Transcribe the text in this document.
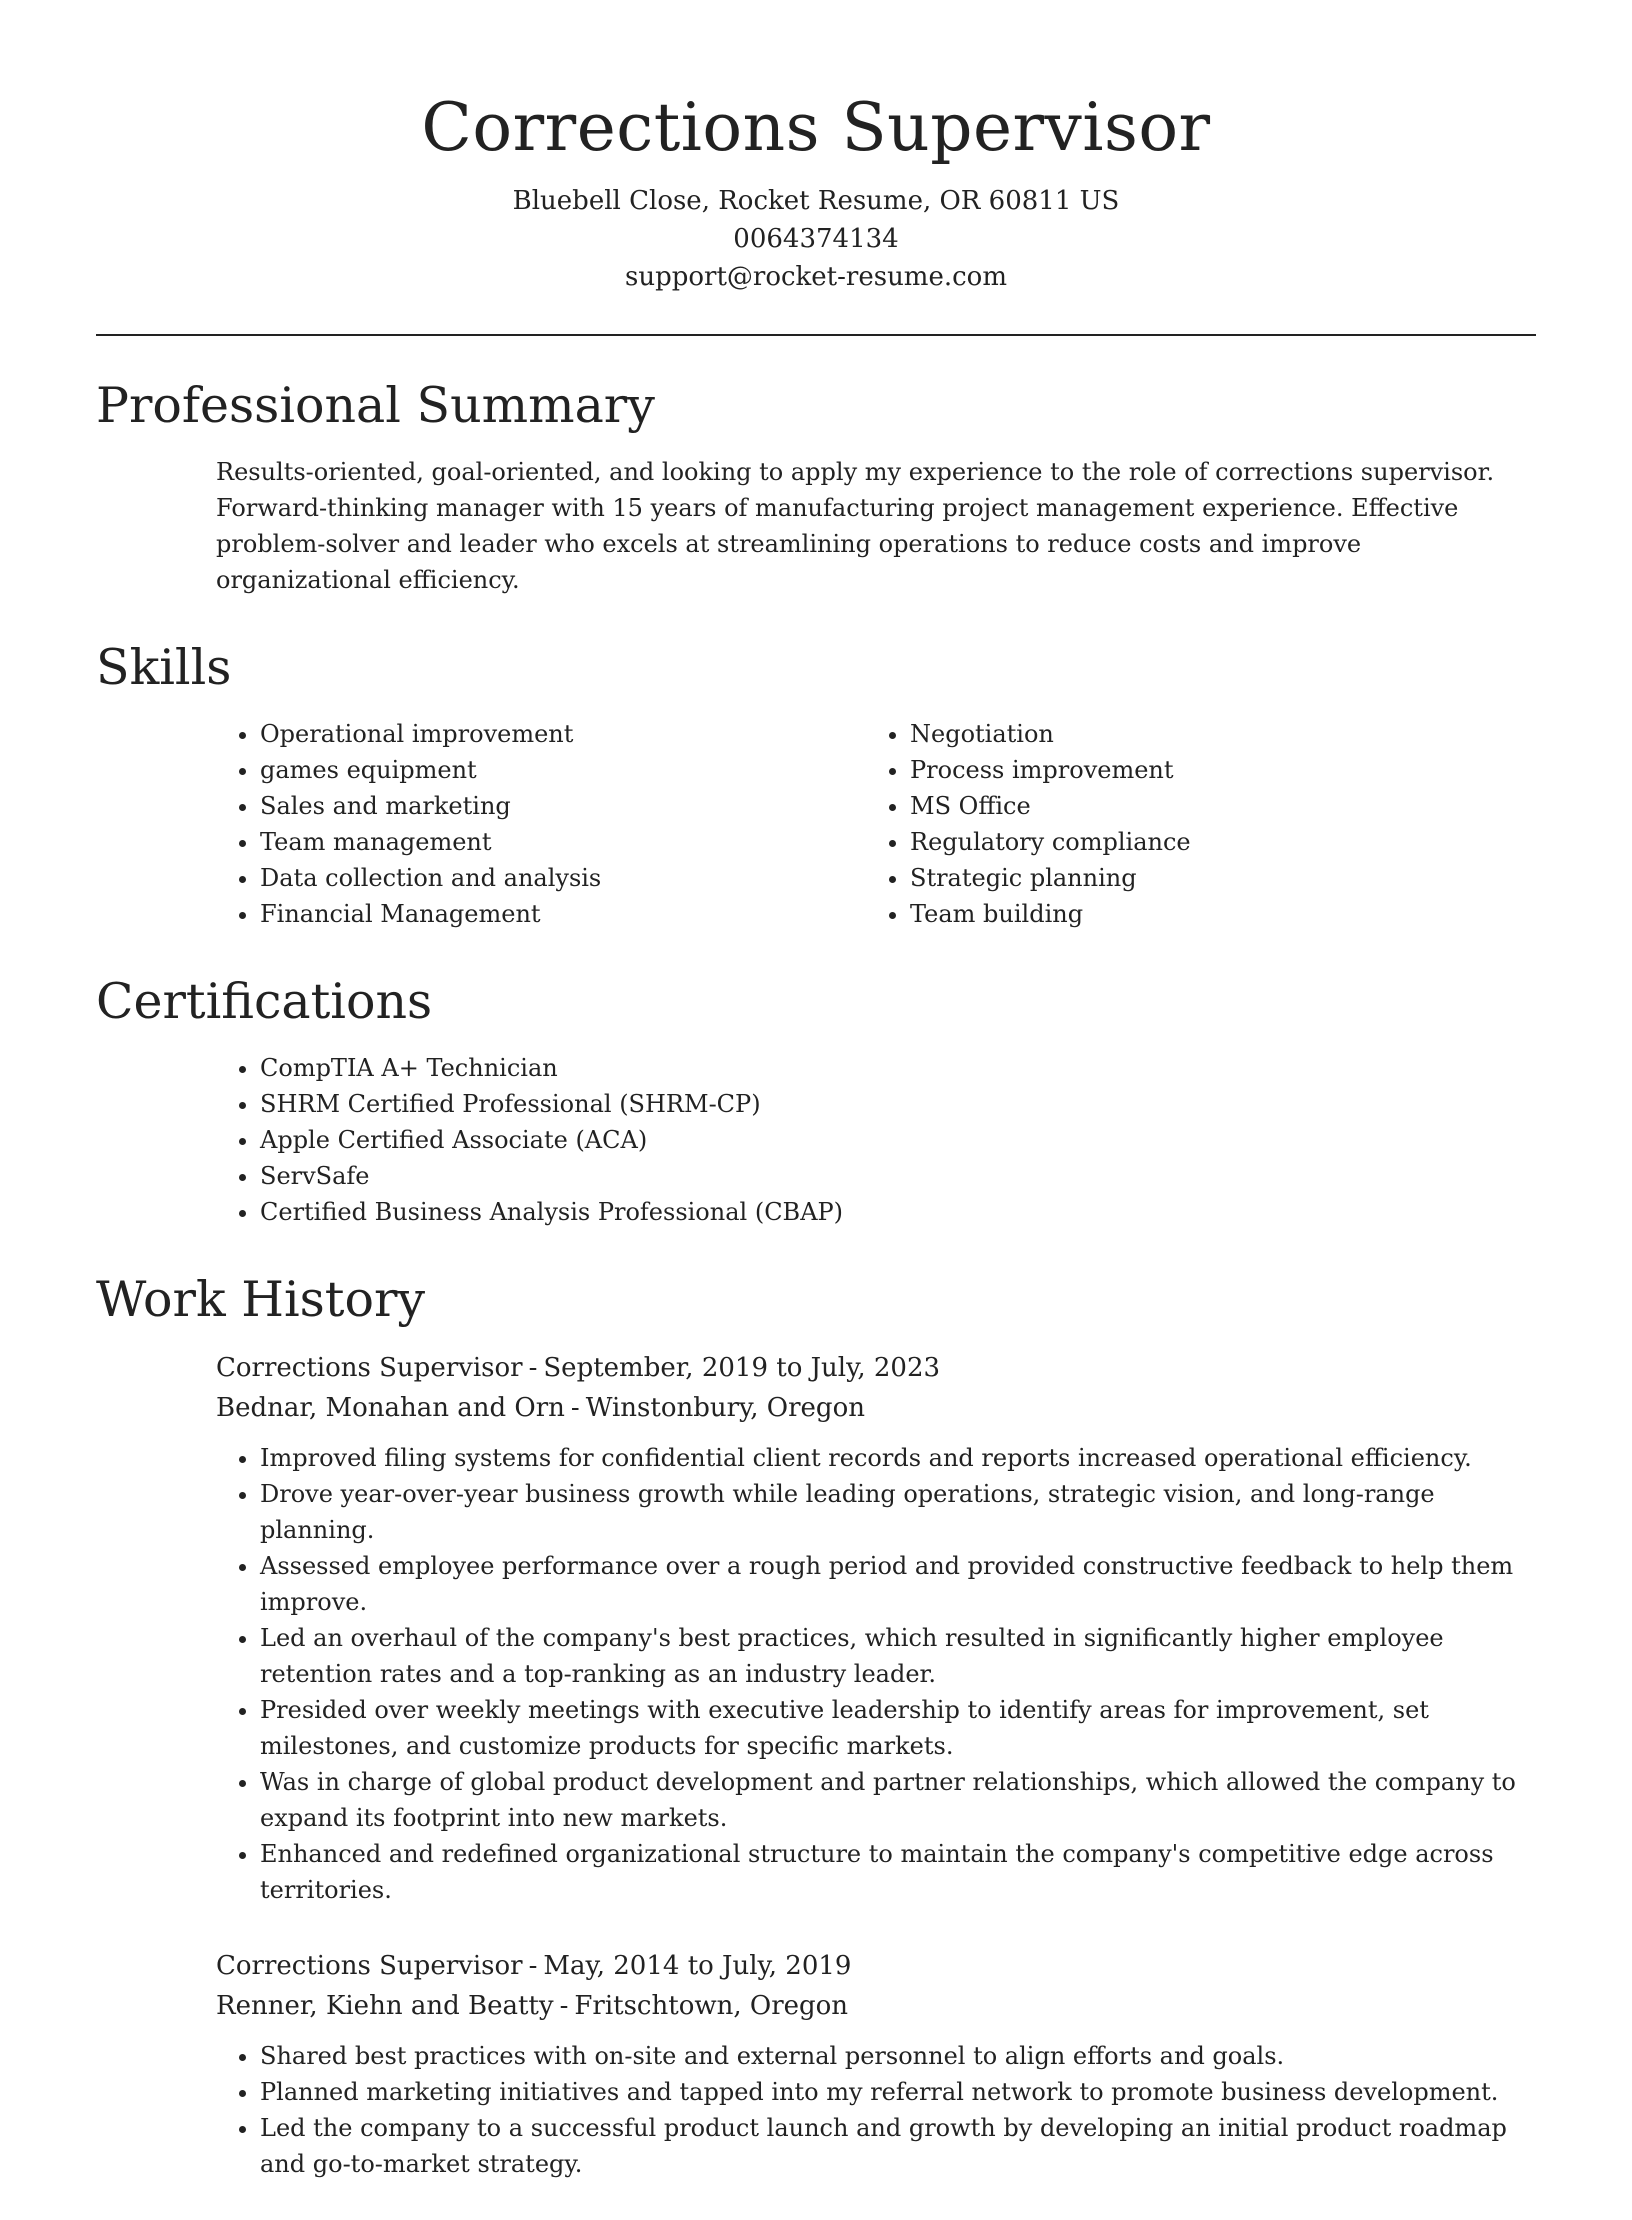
Corrections Supervisor

Bluebell Close, Rocket Resume, OR 60811 US

0064374134

support@rocket-resume.com

Professional Summary

Results-oriented, goal-oriented, and looking to apply my experience to the role of corrections supervisor. Forward-thinking manager with 15 years of manufacturing project management experience. Effective problem-solver and leader who excels at streamlining operations to reduce costs and improve organizational efficiency.

Skills
• Operational improvement
• games equipment
• Sales and marketing
• Team management
• Data collection and analysis
• Financial Management
• Negotiation
• Process improvement
• MS Office
• Regulatory compliance
• Strategic planning
• Team building
Certifications
• CompTIA A+ Technician
• SHRM Certified Professional (SHRM-CP)
• Apple Certified Associate (ACA)
• ServSafe
• Certified Business Analysis Professional (CBAP)
Work History

Corrections Supervisor - September, 2019 to July, 2023

Bednar, Monahan and Orn - Winstonbury, Oregon

• Improved filing systems for confidential client records and reports increased operational efficiency.
• Drove year-over-year business growth while leading operations, strategic vision, and long-range planning.
• Assessed employee performance over a rough period and provided constructive feedback to help them improve.
• Led an overhaul of the company's best practices, which resulted in significantly higher employee retention rates and a top-ranking as an industry leader.
• Presided over weekly meetings with executive leadership to identify areas for improvement, set milestones, and customize products for specific markets.
• Was in charge of global product development and partner relationships, which allowed the company to expand its footprint into new markets.
• Enhanced and redefined organizational structure to maintain the company's competitive edge across territories.

Corrections Supervisor - May, 2014 to July, 2019

Renner, Kiehn and Beatty - Fritschtown, Oregon

• Shared best practices with on-site and external personnel to align efforts and goals.
• Planned marketing initiatives and tapped into my referral network to promote business development.
• Led the company to a successful product launch and growth by developing an initial product roadmap and go-to-market strategy.
